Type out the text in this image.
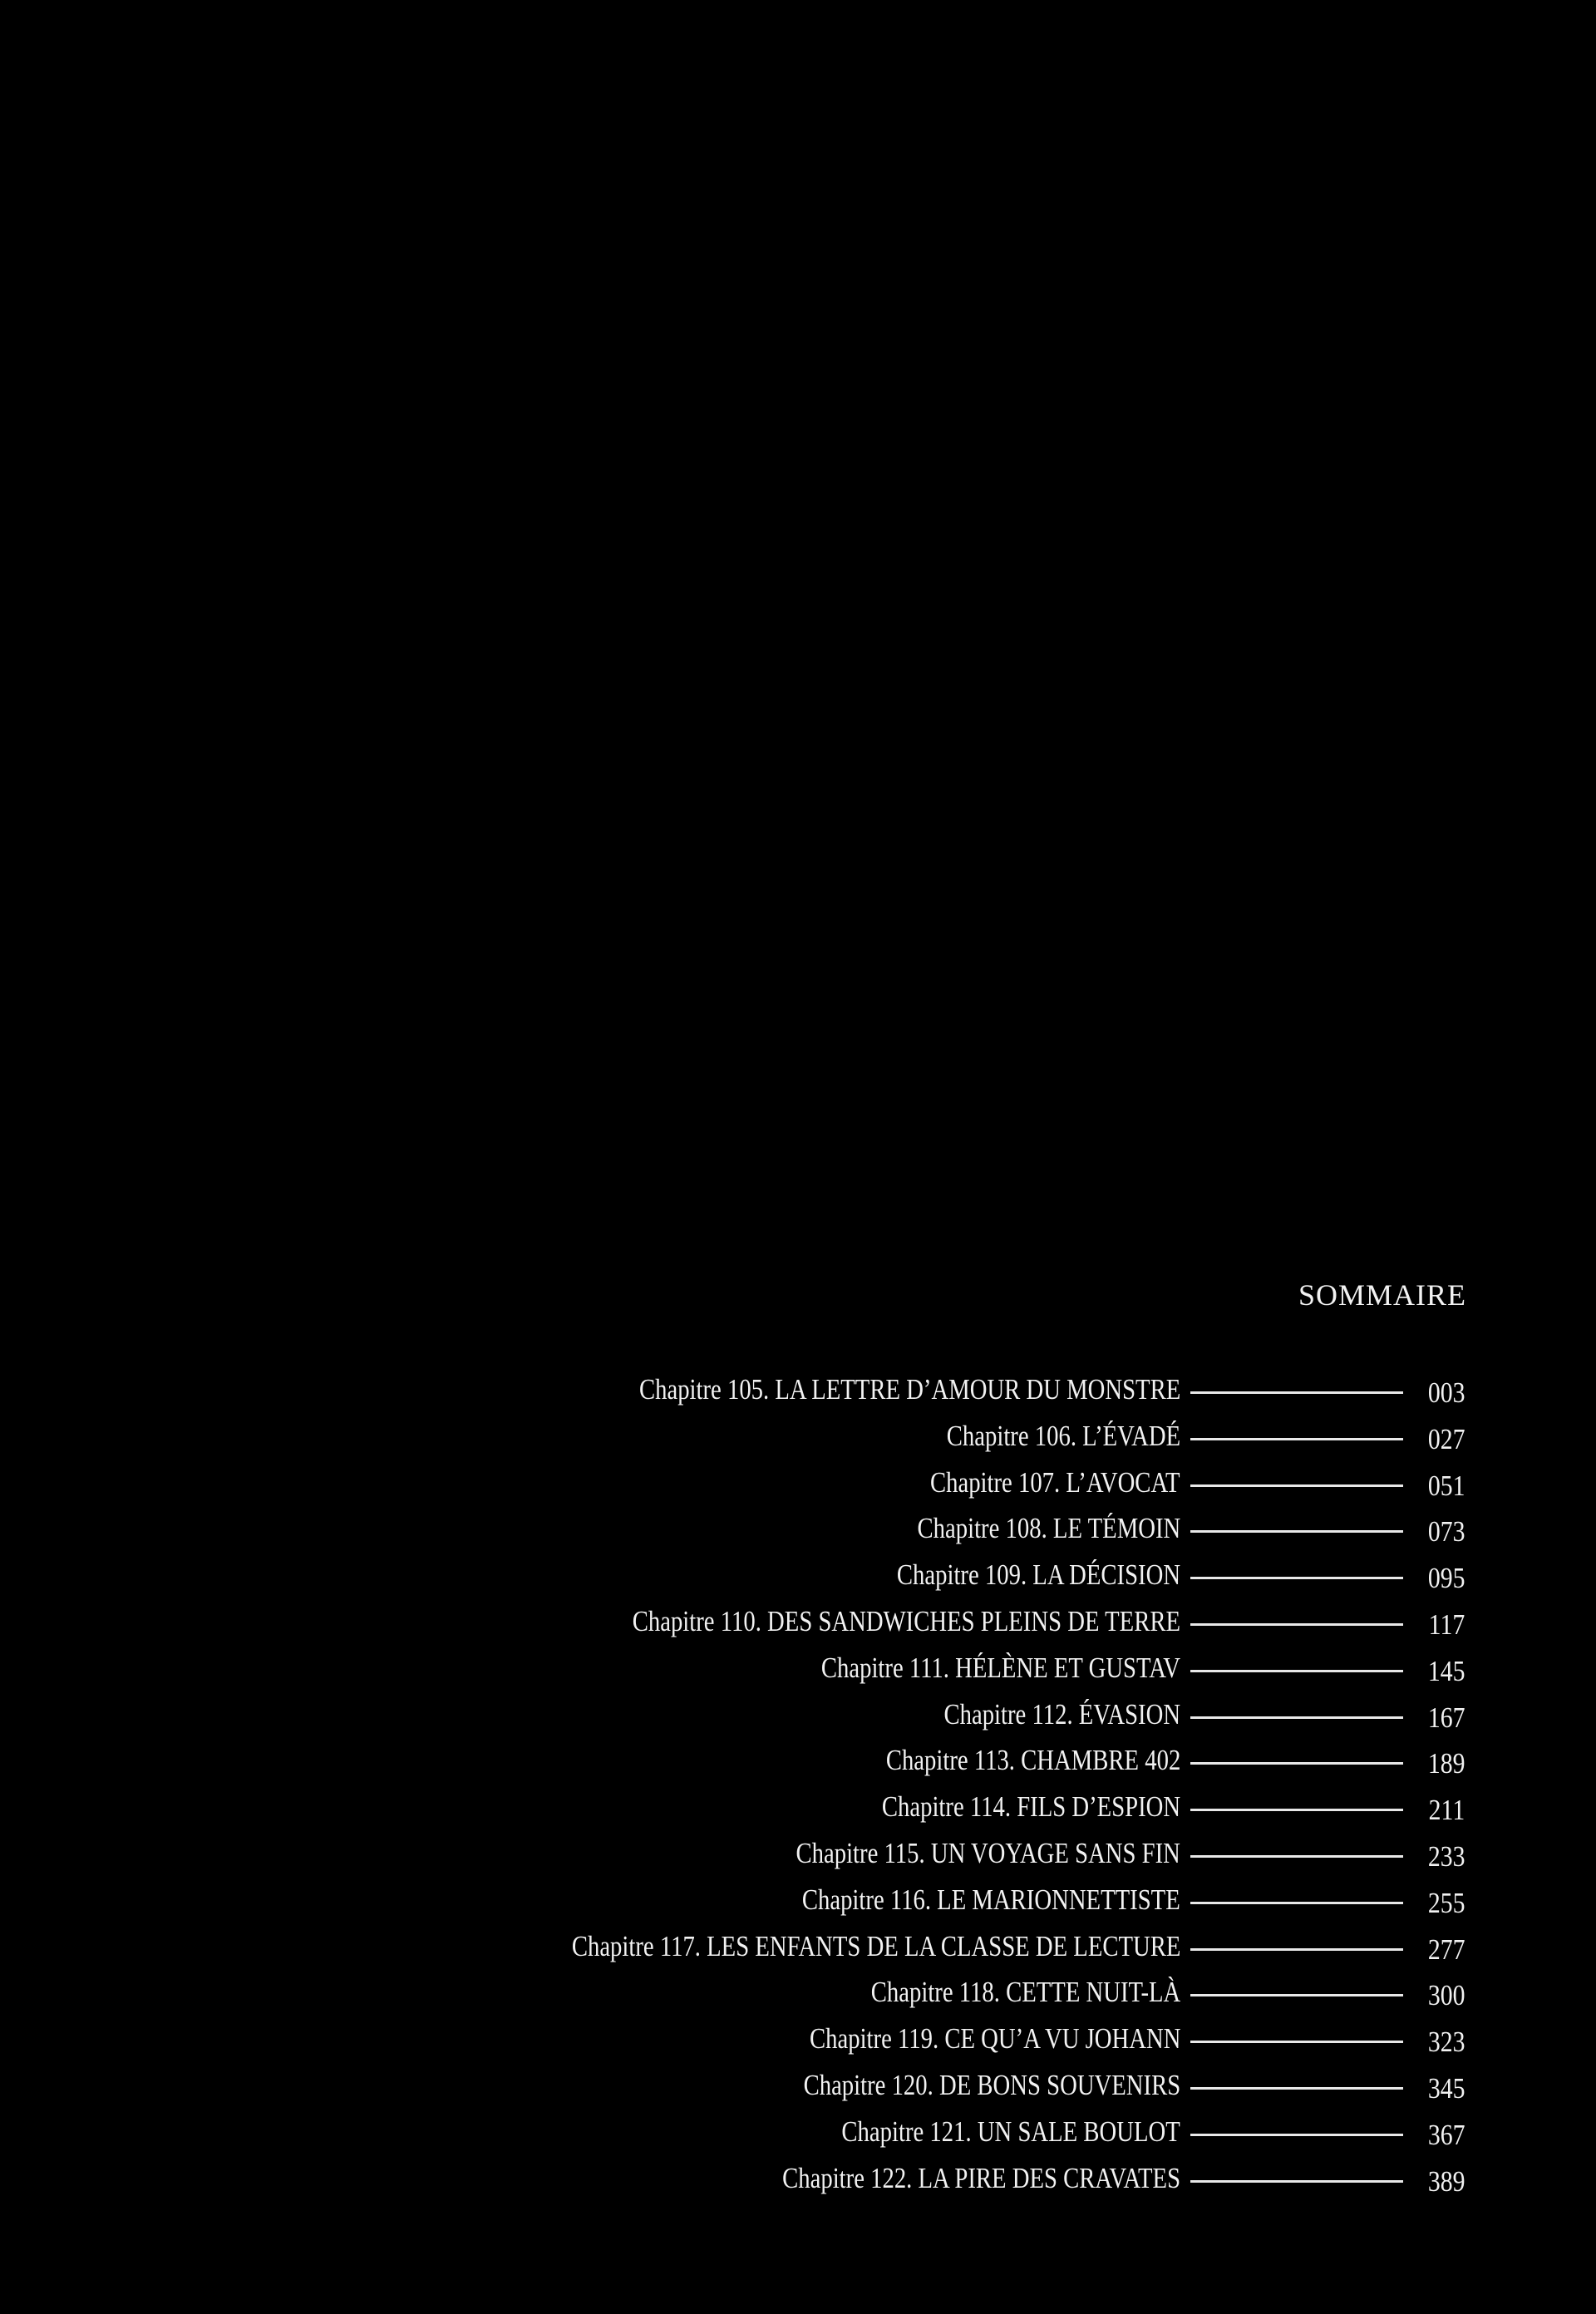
SOMMAIRE
Chapitre 105. LA LETTRE D’AMOUR DU MONSTRE	003
Chapitre 106. L’ÉVADÉ	027
Chapitre 107. L’AVOCAT	051
Chapitre 108. LE TÉMOIN	073
Chapitre 109. LA DÉCISION	095
Chapitre 110. DES SANDWICHES PLEINS DE TERRE	117
Chapitre 111. HÉLÈNE ET GUSTAV	145
Chapitre 112. ÉVASION	167
Chapitre 113. CHAMBRE 402	189
Chapitre 114. FILS D’ESPION	211
Chapitre 115. UN VOYAGE SANS FIN	233
Chapitre 116. LE MARIONNETTISTE	255
Chapitre 117. LES ENFANTS DE LA CLASSE DE LECTURE	277
Chapitre 118. CETTE NUIT-LÀ	300
Chapitre 119. CE QU’A VU JOHANN	323
Chapitre 120. DE BONS SOUVENIRS	345
Chapitre 121. UN SALE BOULOT	367
Chapitre 122. LA PIRE DES CRAVATES	389
